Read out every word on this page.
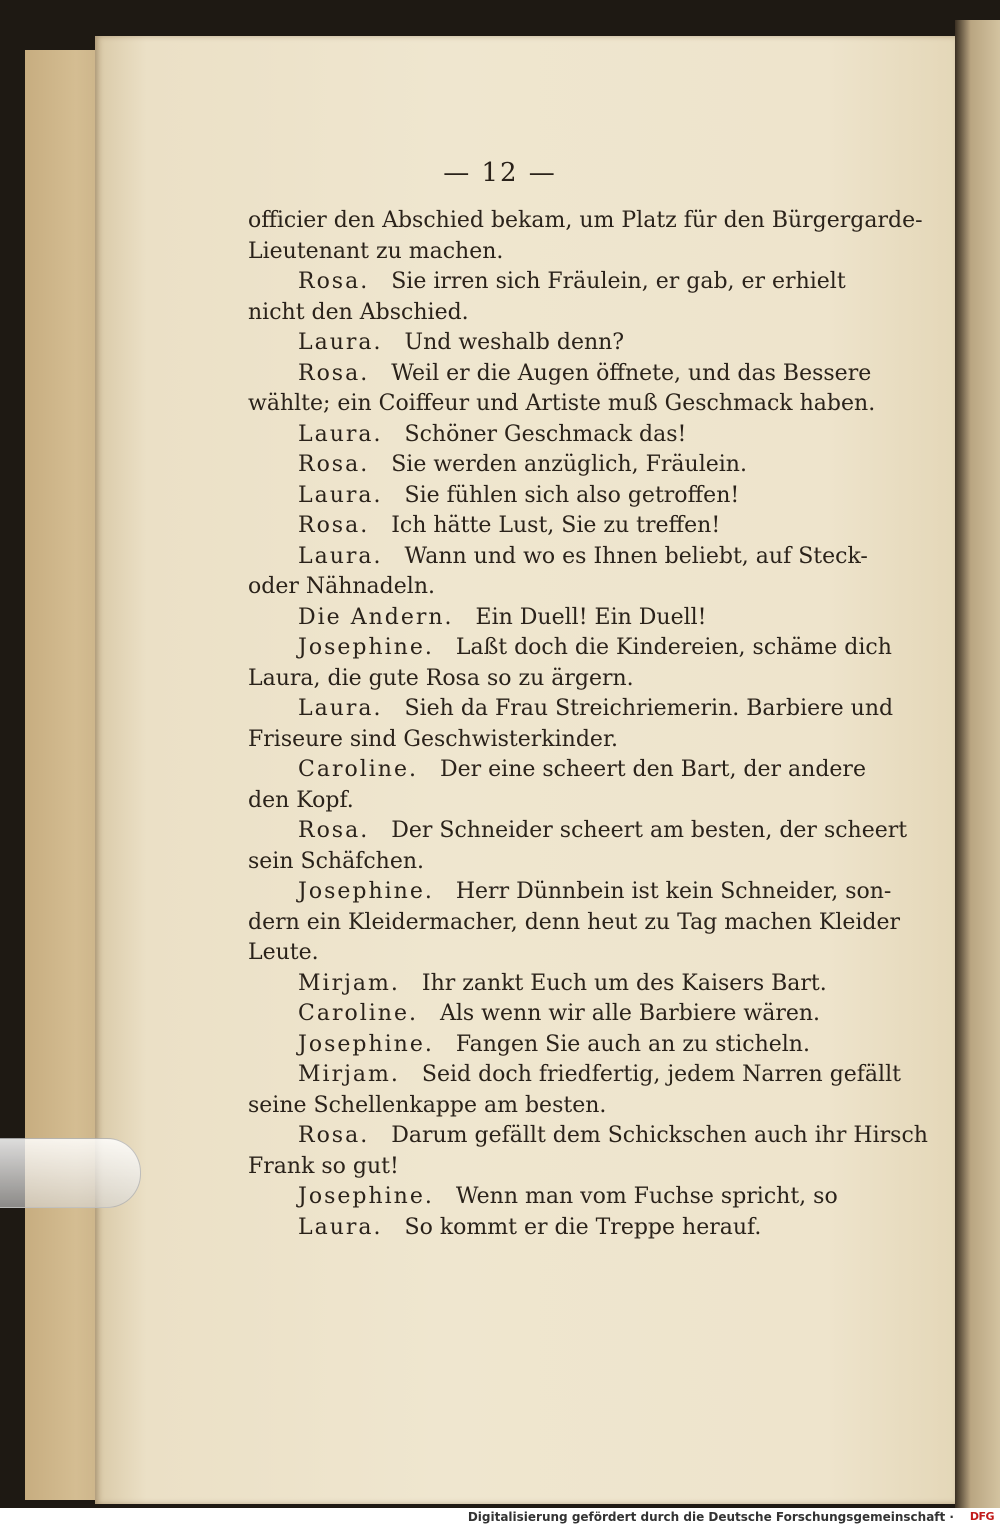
— 12 —
officier den Abschied bekam, um Platz für den Bürgergarde-
Lieutenant zu machen.
Rosa.  Sie irren sich Fräulein, er gab, er erhielt
nicht den Abschied.
Laura.  Und weshalb denn?
Rosa.  Weil er die Augen öffnete, und das Bessere
wählte; ein Coiffeur und Artiste muß Geschmack haben.
Laura.  Schöner Geschmack das!
Rosa.  Sie werden anzüglich, Fräulein.
Laura.  Sie fühlen sich also getroffen!
Rosa.  Ich hätte Lust, Sie zu treffen!
Laura.  Wann und wo es Ihnen beliebt, auf Steck-
oder Nähnadeln.
Die Andern.  Ein Duell! Ein Duell!
Josephine.  Laßt doch die Kindereien, schäme dich
Laura, die gute Rosa so zu ärgern.
Laura.  Sieh da Frau Streichriemerin. Barbiere und
Friseure sind Geschwisterkinder.
Caroline.  Der eine scheert den Bart, der andere
den Kopf.
Rosa.  Der Schneider scheert am besten, der scheert
sein Schäfchen.
Josephine.  Herr Dünnbein ist kein Schneider, son-
dern ein Kleidermacher, denn heut zu Tag machen Kleider
Leute.
Mirjam.  Ihr zankt Euch um des Kaisers Bart.
Caroline.  Als wenn wir alle Barbiere wären.
Josephine.  Fangen Sie auch an zu sticheln.
Mirjam.  Seid doch friedfertig, jedem Narren gefällt
seine Schellenkappe am besten.
Rosa.  Darum gefällt dem Schickschen auch ihr Hirsch
Frank so gut!
Josephine.  Wenn man vom Fuchse spricht, so
Laura.  So kommt er die Treppe herauf.
Digitalisierung gefördert durch die Deutsche Forschungsgemeinschaft · DFG
